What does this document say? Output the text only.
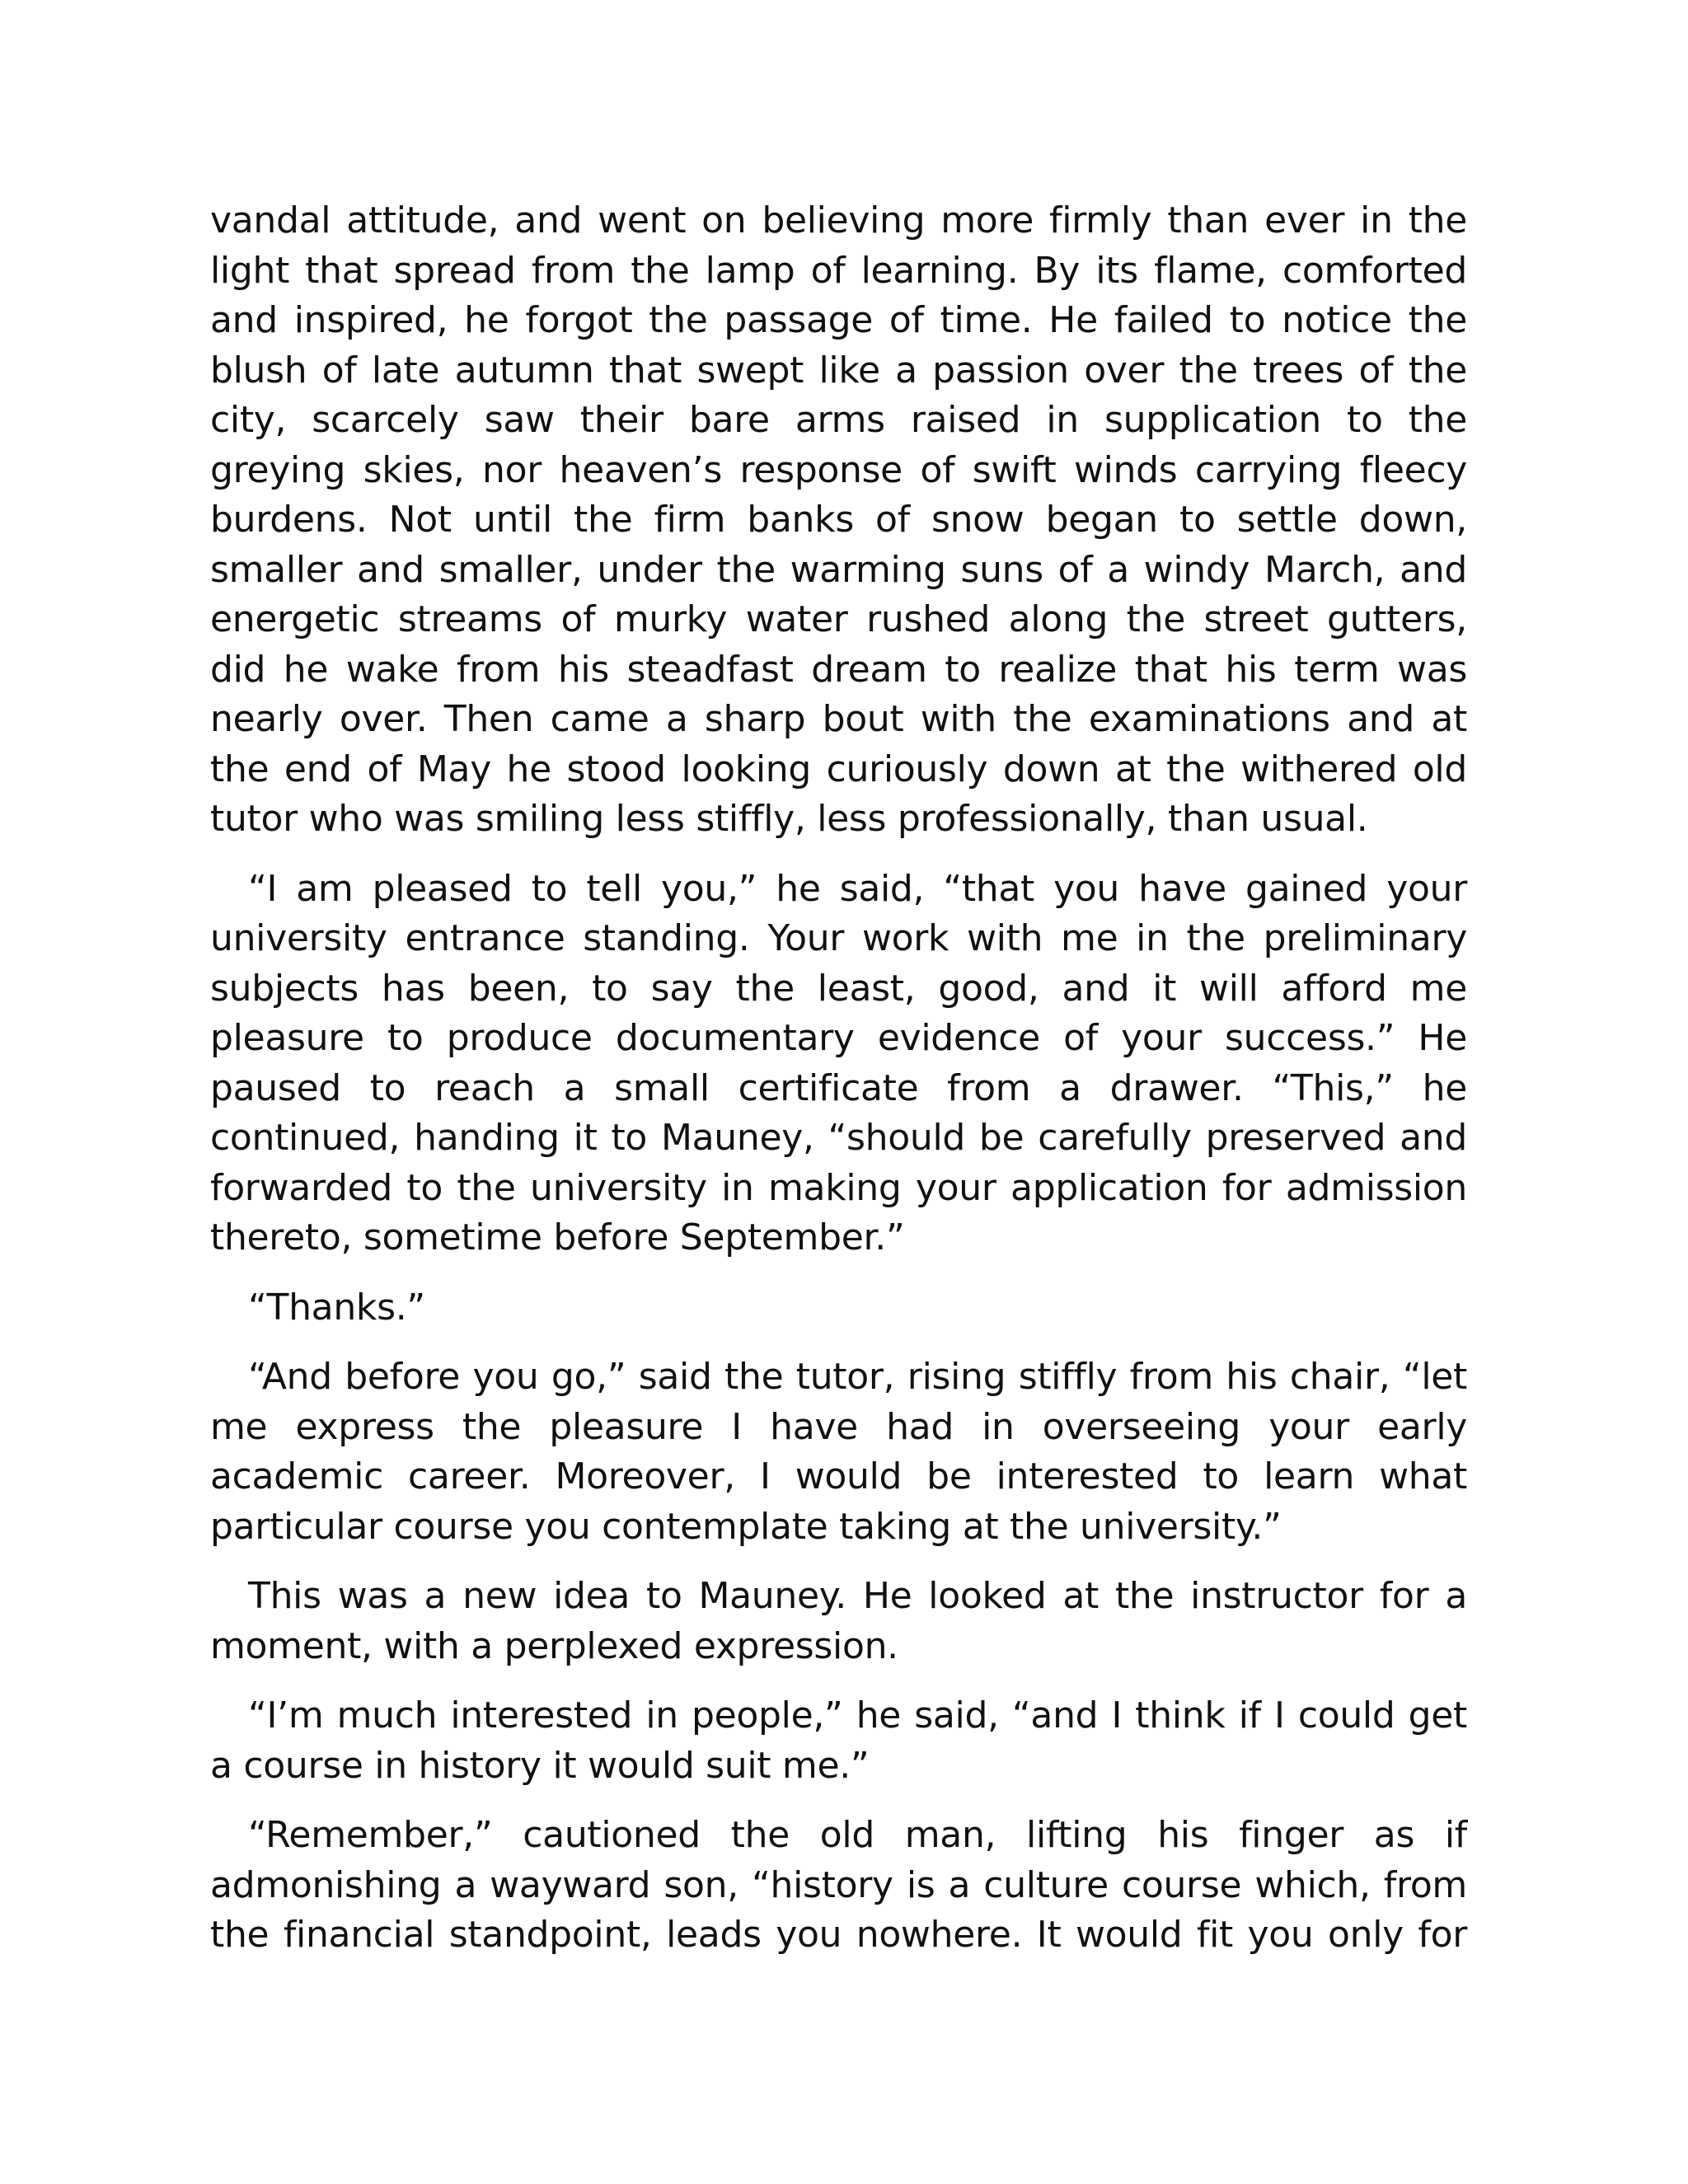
vandal attitude, and went on believing more firmly than ever in the light that spread from the lamp of learning. By its flame, comforted and inspired, he forgot the passage of time. He failed to notice the blush of late autumn that swept like a passion over the trees of the city, scarcely saw their bare arms raised in supplication to the greying skies, nor heaven’s response of swift winds carrying fleecy burdens. Not until the firm banks of snow began to settle down, smaller and smaller, under the warming suns of a windy March, and energetic streams of murky water rushed along the street gutters, did he wake from his steadfast dream to realize that his term was nearly over. Then came a sharp bout with the examinations and at the end of May he stood looking curiously down at the withered old tutor who was smiling less stiffly, less professionally, than usual.

“I am pleased to tell you,” he said, “that you have gained your university entrance standing. Your work with me in the preliminary subjects has been, to say the least, good, and it will afford me pleasure to produce documentary evidence of your success.” He paused to reach a small certificate from a drawer. “This,” he continued, handing it to Mauney, “should be carefully preserved and forwarded to the university in making your application for admission thereto, sometime before September.”

“Thanks.”

“And before you go,” said the tutor, rising stiffly from his chair, “let me express the pleasure I have had in overseeing your early academic career. Moreover, I would be interested to learn what particular course you contemplate taking at the university.”

This was a new idea to Mauney. He looked at the instructor for a moment, with a perplexed expression.

“I’m much interested in people,” he said, “and I think if I could get a course in history it would suit me.”

“Remember,” cautioned the old man, lifting his finger as if admonishing a wayward son, “history is a culture course which, from the financial standpoint, leads you nowhere. It would fit you only for
